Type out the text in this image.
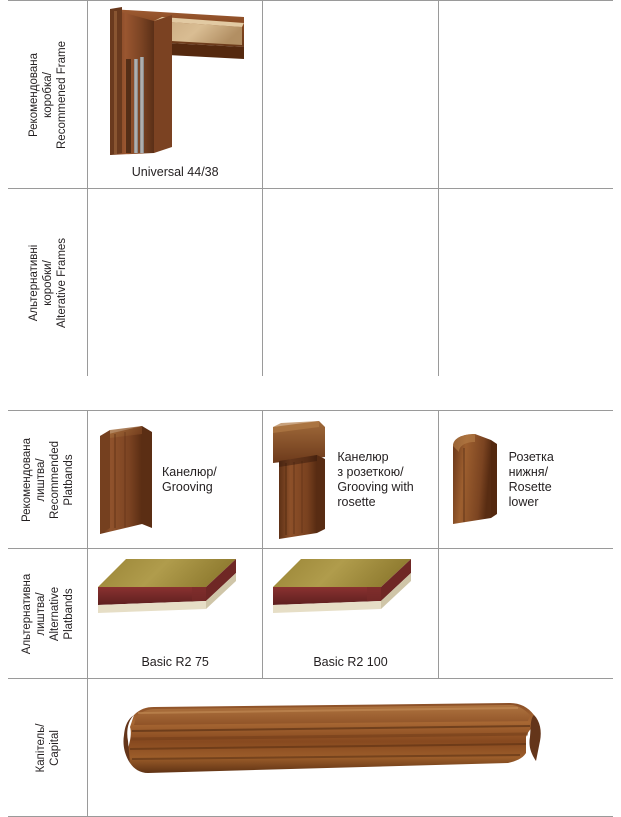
Рекомендована коробка/ Recommened Frame
Universal 44/38
Альтернативні коробки/ Alterative Frames
Рекомендована лиштва/ Recommended Platbands	Канелюр/
Grooving
Канелюр
з розеткою/
Grooving with
rosette
Розетка
нижня/
Rosette
lower
Альтернативна лиштва/ Alternative Platbands
Basic R2 75	Basic R2 100
Капітель/ Capital
